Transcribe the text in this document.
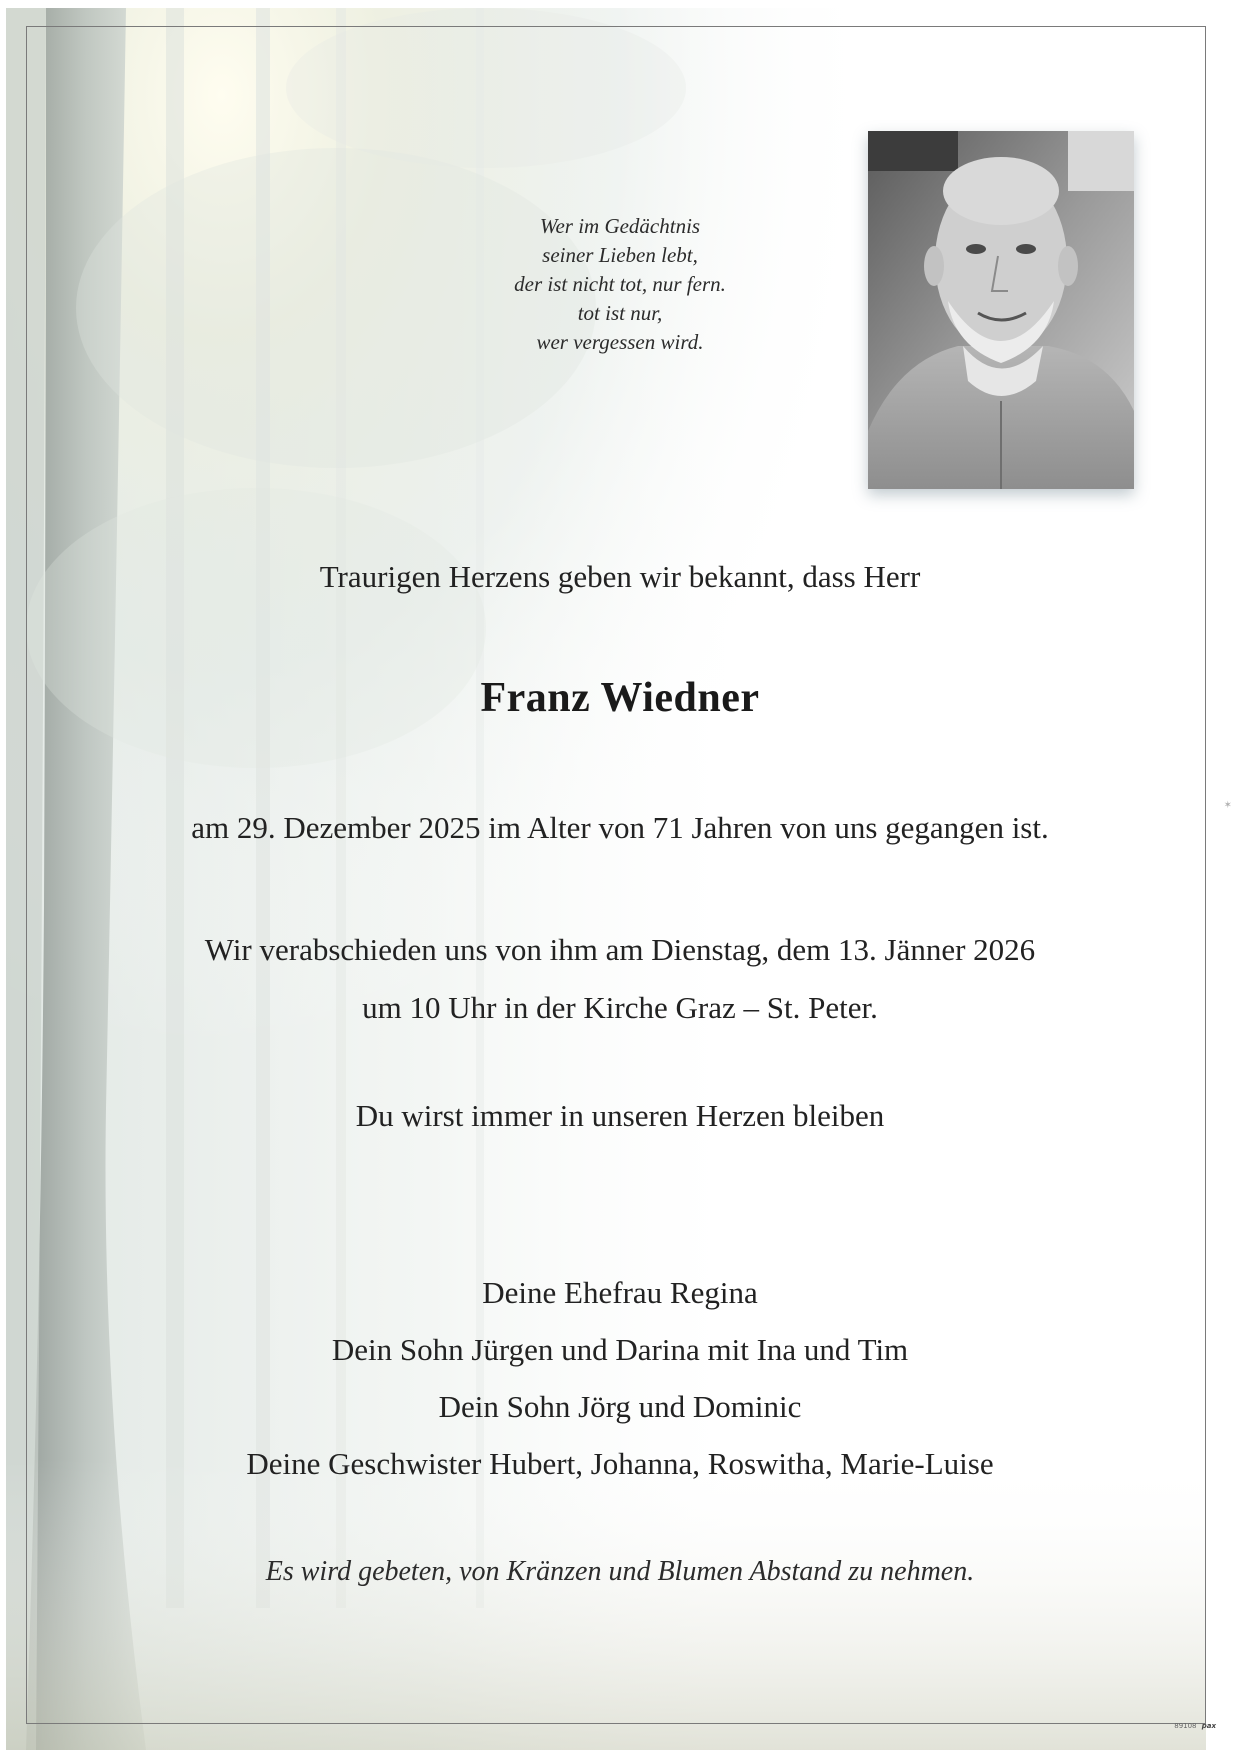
Wer im Gedächtnis
seiner Lieben lebt,
der ist nicht tot, nur fern.
tot ist nur,
wer vergessen wird.
Traurigen Herzens geben wir bekannt, dass Herr
Franz Wiedner
am 29. Dezember 2025 im Alter von 71 Jahren von uns gegangen ist.
Wir verabschieden uns von ihm am Dienstag, dem 13. Jänner 2026
um 10 Uhr in der Kirche Graz – St. Peter.
Du wirst immer in unseren Herzen bleiben
Deine Ehefrau Regina
Dein Sohn Jürgen und Darina mit Ina und Tim
Dein Sohn Jörg und Dominic
Deine Geschwister Hubert, Johanna, Roswitha, Marie-Luise
Es wird gebeten, von Kränzen und Blumen Abstand zu nehmen.
89108 pax
✶
